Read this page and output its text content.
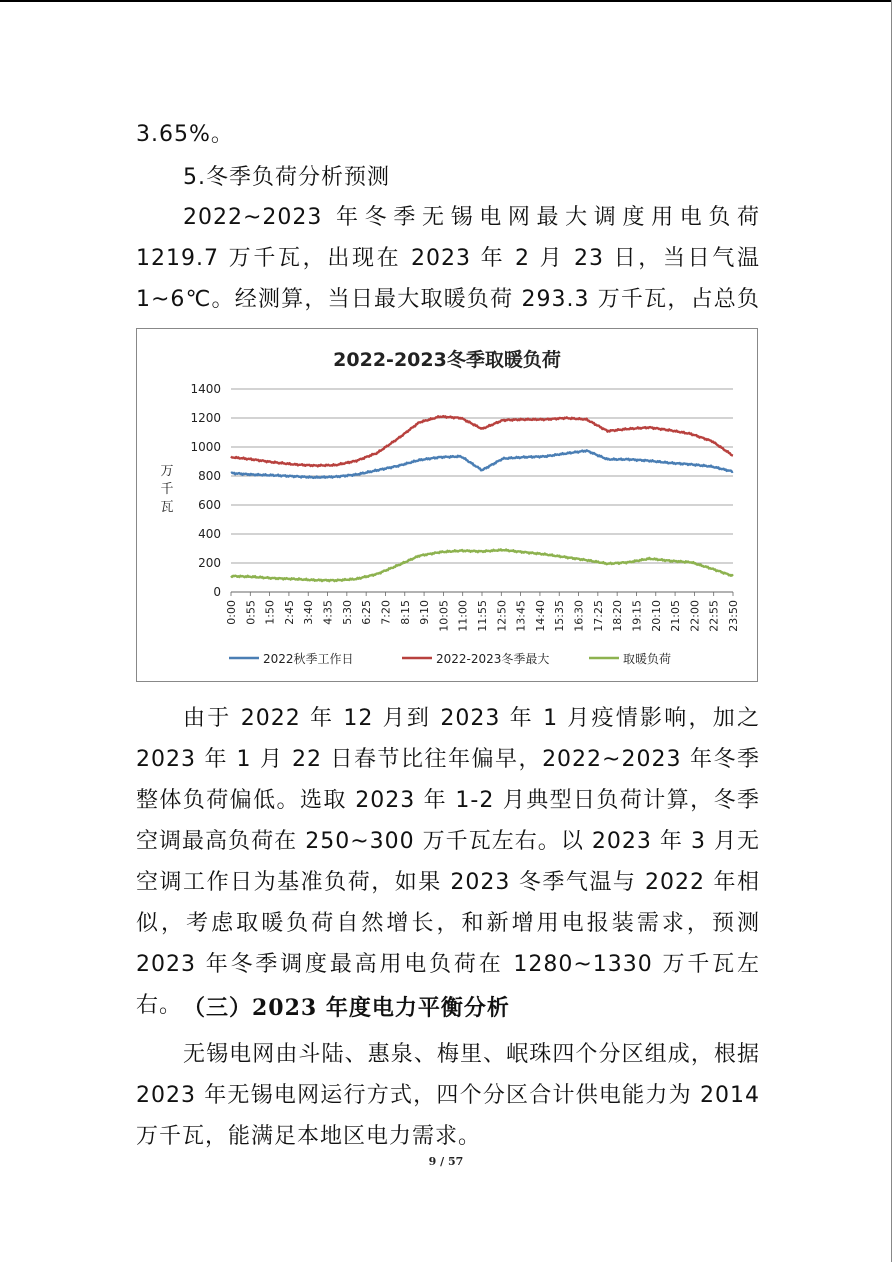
3.65%。

5.冬季负荷分析预测

2022~2023 年冬季无锡电网最大调度用电负荷 1219.7 万千瓦，出现在 2023 年 2 月 23 日，当日气温 1~6℃。经测算，当日最大取暖负荷 293.3 万千瓦，占总负

2022-2023冬季取暖负荷
0
200
400
600
800
1000
1200
1400
万
千
瓦
0:00 0:55 1:50 2:45 3:40 4:35 5:30 6:25 7:20 8:15 9:10 10:05 11:00 11:55 12:50 13:45 14:40 15:35 16:30 17:25 18:20 19:15 20:10 21:05 22:00 22:55 23:50
2022秋季工作日	2022-2023冬季最大	取暖负荷

由于 2022 年 12 月到 2023 年 1 月疫情影响，加之 2023 年 1 月 22 日春节比往年偏早，2022~2023 年冬季整体负荷偏低。选取 2023 年 1-2 月典型日负荷计算，冬季空调最高负荷在 250~300 万千瓦左右。以 2023 年 3 月无空调工作日为基准负荷，如果 2023 冬季气温与 2022 年相似，考虑取暖负荷自然增长，和新增用电报装需求，预测 2023 年冬季调度最高用电负荷在 1280~1330 万千瓦左右。 （三）2023 年度电力平衡分析

无锡电网由斗陆、惠泉、梅里、岷珠四个分区组成，根据 2023 年无锡电网运行方式，四个分区合计供电能力为 2014 万千瓦，能满足本地区电力需求。

9 / 57
